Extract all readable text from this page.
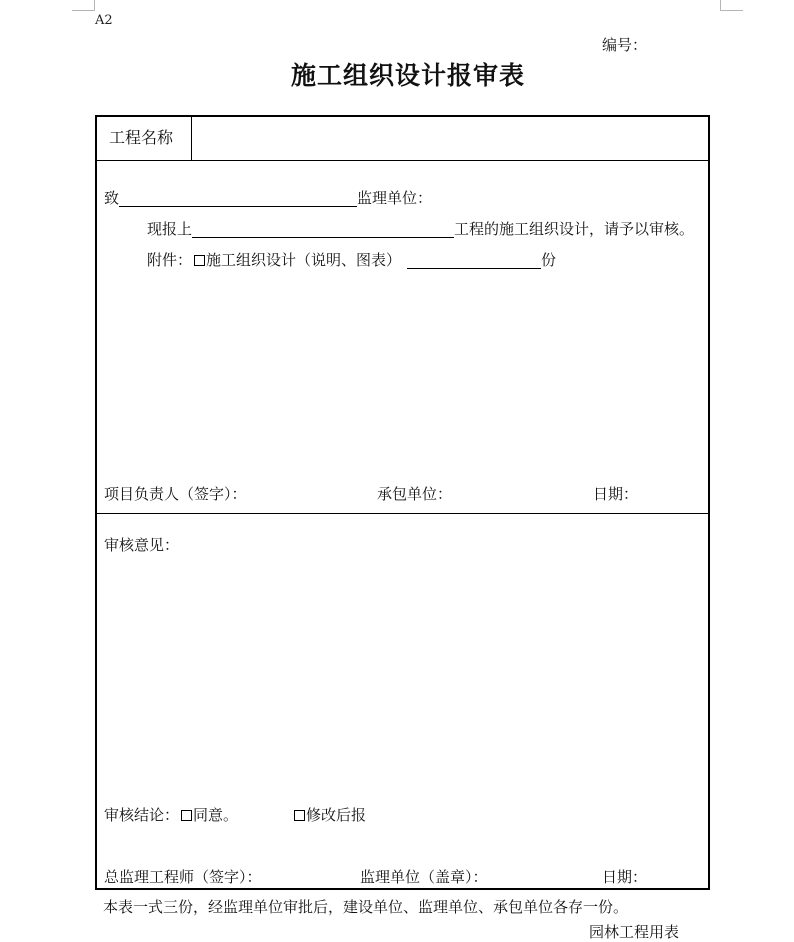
A2
编号：
施工组织设计报审表
工程名称
致	监理单位：
现报上	工程的施工组织设计，请予以审核。
附件： 施工组织设计（说明、图表）	份
项目负责人（签字）：	承包单位：	日期：
审核意见：
审核结论： 同意。	修改后报
总监理工程师（签字）：	监理单位（盖章）：	日期：
本表一式三份，经监理单位审批后，建设单位、监理单位、承包单位各存一份。
园林工程用表
